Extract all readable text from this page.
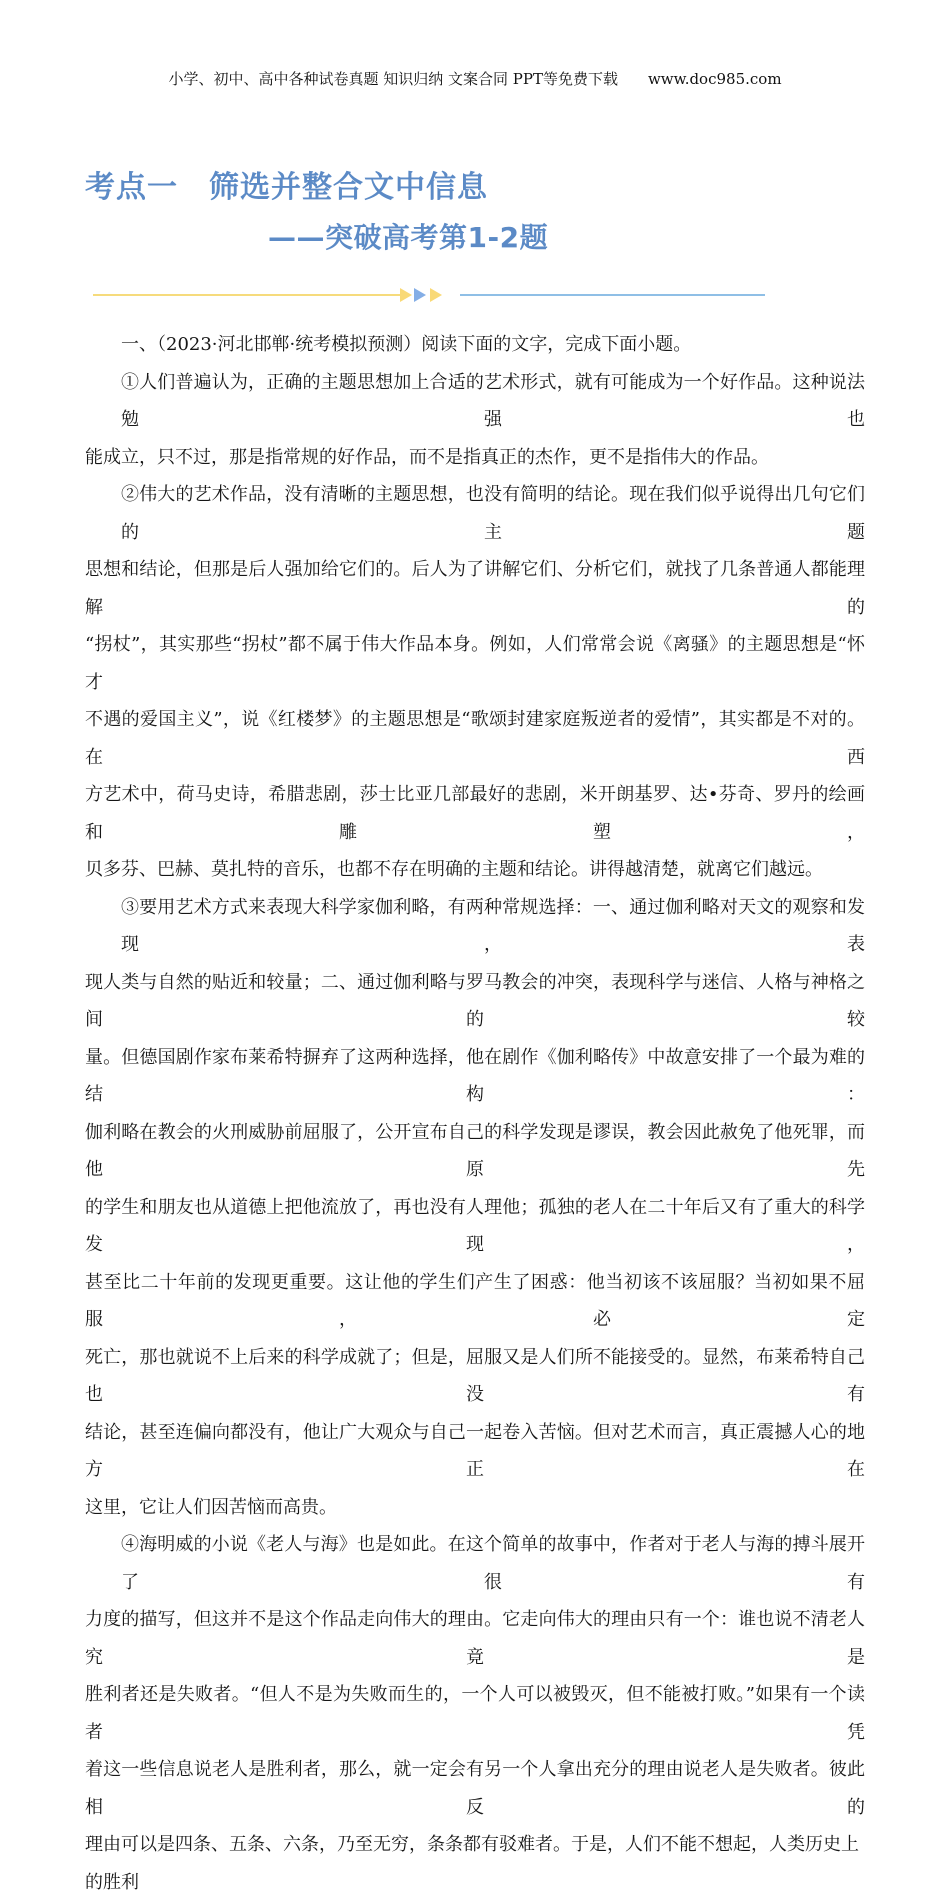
小学、初中、高中各种试卷真题 知识归纳 文案合同 PPT等免费下载 www.doc985.com
考点一　筛选并整合文中信息
——突破高考第1-2题
一、（2023·河北邯郸·统考模拟预测）阅读下面的文字，完成下面小题。
①人们普遍认为，正确的主题思想加上合适的艺术形式，就有可能成为一个好作品。这种说法勉强也
能成立，只不过，那是指常规的好作品，而不是指真正的杰作，更不是指伟大的作品。
②伟大的艺术作品，没有清晰的主题思想，也没有简明的结论。现在我们似乎说得出几句它们的主题
思想和结论，但那是后人强加给它们的。后人为了讲解它们、分析它们，就找了几条普通人都能理解的
“拐杖”，其实那些“拐杖”都不属于伟大作品本身。例如，人们常常会说《离骚》的主题思想是“怀才
不遇的爱国主义”，说《红楼梦》的主题思想是“歌颂封建家庭叛逆者的爱情”，其实都是不对的。在西
方艺术中，荷马史诗，希腊悲剧，莎士比亚几部最好的悲剧，米开朗基罗、达•芬奇、罗丹的绘画和雕塑，
贝多芬、巴赫、莫扎特的音乐，也都不存在明确的主题和结论。讲得越清楚，就离它们越远。
③要用艺术方式来表现大科学家伽利略，有两种常规选择：一、通过伽利略对天文的观察和发现，表
现人类与自然的贴近和较量；二、通过伽利略与罗马教会的冲突，表现科学与迷信、人格与神格之间的较
量。但德国剧作家布莱希特摒弃了这两种选择，他在剧作《伽利略传》中故意安排了一个最为难的结构：
伽利略在教会的火刑威胁前屈服了，公开宣布自己的科学发现是谬误，教会因此赦免了他死罪，而他原先
的学生和朋友也从道德上把他流放了，再也没有人理他；孤独的老人在二十年后又有了重大的科学发现，
甚至比二十年前的发现更重要。这让他的学生们产生了困惑：他当初该不该屈服？当初如果不屈服，必定
死亡，那也就说不上后来的科学成就了；但是，屈服又是人们所不能接受的。显然，布莱希特自己也没有
结论，甚至连偏向都没有，他让广大观众与自己一起卷入苦恼。但对艺术而言，真正震撼人心的地方正在
这里，它让人们因苦恼而高贵。
④海明威的小说《老人与海》也是如此。在这个简单的故事中，作者对于老人与海的搏斗展开了很有
力度的描写，但这并不是这个作品走向伟大的理由。它走向伟大的理由只有一个：谁也说不清老人究竟是
胜利者还是失败者。“但人不是为失败而生的，一个人可以被毁灭，但不能被打败。”如果有一个读者凭
着这一些信息说老人是胜利者，那么，就一定会有另一个人拿出充分的理由说老人是失败者。彼此相反的
理由可以是四条、五条、六条，乃至无穷，条条都有驳难者。于是，人们不能不想起，人类历史上的胜利
